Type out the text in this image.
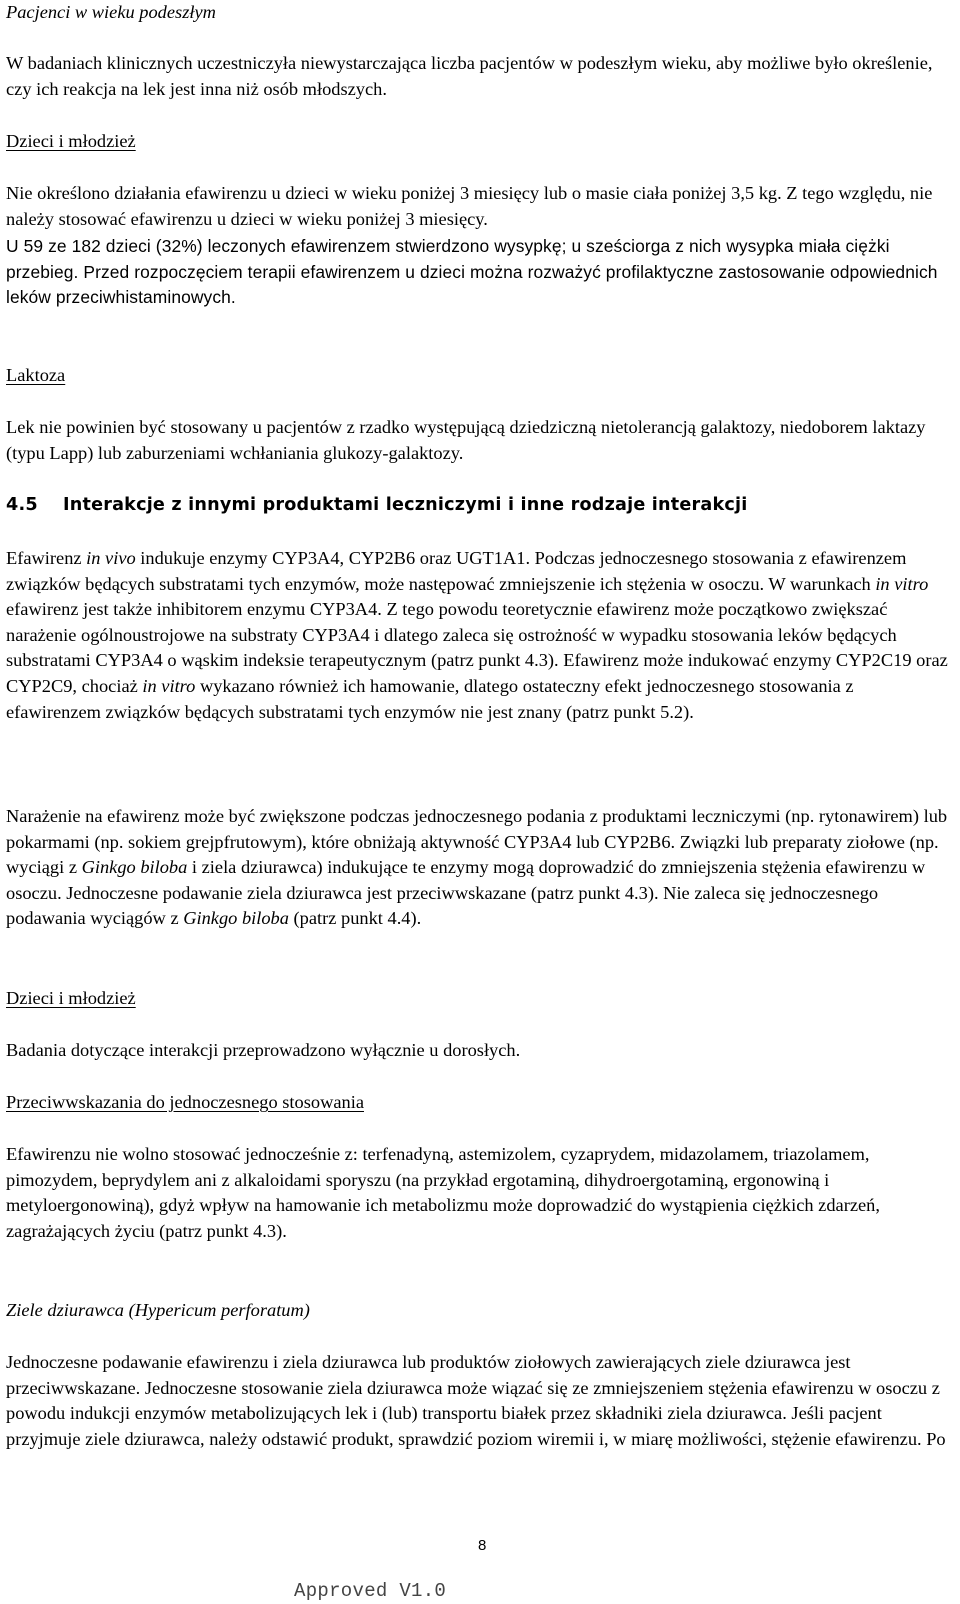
Pacjenci w wieku podeszłym

W badaniach klinicznych uczestniczyła niewystarczająca liczba pacjentów w podeszłym wieku, aby możliwe było określenie, czy ich reakcja na lek jest inna niż osób młodszych.

Dzieci i młodzież

Nie określono działania efawirenzu u dzieci w wieku poniżej 3 miesięcy lub o masie ciała poniżej 3,5 kg. Z tego względu, nie należy stosować efawirenzu u dzieci w wieku poniżej 3 miesięcy.

U 59 ze 182 dzieci (32%) leczonych efawirenzem stwierdzono wysypkę; u sześciorga z nich wysypka miała ciężki przebieg. Przed rozpoczęciem terapii efawirenzem u dzieci można rozważyć profilaktyczne zastosowanie odpowiednich leków przeciwhistaminowych.

Laktoza

Lek nie powinien być stosowany u pacjentów z rzadko występującą dziedziczną nietolerancją galaktozy, niedoborem laktazy (typu Lapp) lub zaburzeniami wchłaniania glukozy-galaktozy.

4.5 Interakcje z innymi produktami leczniczymi i inne rodzaje interakcji

Efawirenz in vivo indukuje enzymy CYP3A4, CYP2B6 oraz UGT1A1. Podczas jednoczesnego stosowania z efawirenzem związków będących substratami tych enzymów, może następować zmniejszenie ich stężenia w osoczu. W warunkach in vitro efawirenz jest także inhibitorem enzymu CYP3A4. Z tego powodu teoretycznie efawirenz może początkowo zwiększać narażenie ogólnoustrojowe na substraty CYP3A4 i dlatego zaleca się ostrożność w wypadku stosowania leków będących substratami CYP3A4 o wąskim indeksie terapeutycznym (patrz punkt 4.3). Efawirenz może indukować enzymy CYP2C19 oraz CYP2C9, chociaż in vitro wykazano również ich hamowanie, dlatego ostateczny efekt jednoczesnego stosowania z efawirenzem związków będących substratami tych enzymów nie jest znany (patrz punkt 5.2).

Narażenie na efawirenz może być zwiększone podczas jednoczesnego podania z produktami leczniczymi (np. rytonawirem) lub pokarmami (np. sokiem grejpfrutowym), które obniżają aktywność CYP3A4 lub CYP2B6. Związki lub preparaty ziołowe (np. wyciągi z Ginkgo biloba i ziela dziurawca) indukujące te enzymy mogą doprowadzić do zmniejszenia stężenia efawirenzu w osoczu. Jednoczesne podawanie ziela dziurawca jest przeciwwskazane (patrz punkt 4.3). Nie zaleca się jednoczesnego podawania wyciągów z Ginkgo biloba (patrz punkt 4.4).

Dzieci i młodzież

Badania dotyczące interakcji przeprowadzono wyłącznie u dorosłych.

Przeciwwskazania do jednoczesnego stosowania

Efawirenzu nie wolno stosować jednocześnie z: terfenadyną, astemizolem, cyzaprydem, midazolamem, triazolamem, pimozydem, beprydylem ani z alkaloidami sporyszu (na przykład ergotaminą, dihydroergotaminą, ergonowiną i metyloergonowiną), gdyż wpływ na hamowanie ich metabolizmu może doprowadzić do wystąpienia ciężkich zdarzeń, zagrażających życiu (patrz punkt 4.3).

Ziele dziurawca (Hypericum perforatum)

Jednoczesne podawanie efawirenzu i ziela dziurawca lub produktów ziołowych zawierających ziele dziurawca jest przeciwwskazane. Jednoczesne stosowanie ziela dziurawca może wiązać się ze zmniejszeniem stężenia efawirenzu w osoczu z powodu indukcji enzymów metabolizujących lek i (lub) transportu białek przez składniki ziela dziurawca. Jeśli pacjent przyjmuje ziele dziurawca, należy odstawić produkt, sprawdzić poziom wiremii i, w miarę możliwości, stężenie efawirenzu. Po

8
Approved V1.0
